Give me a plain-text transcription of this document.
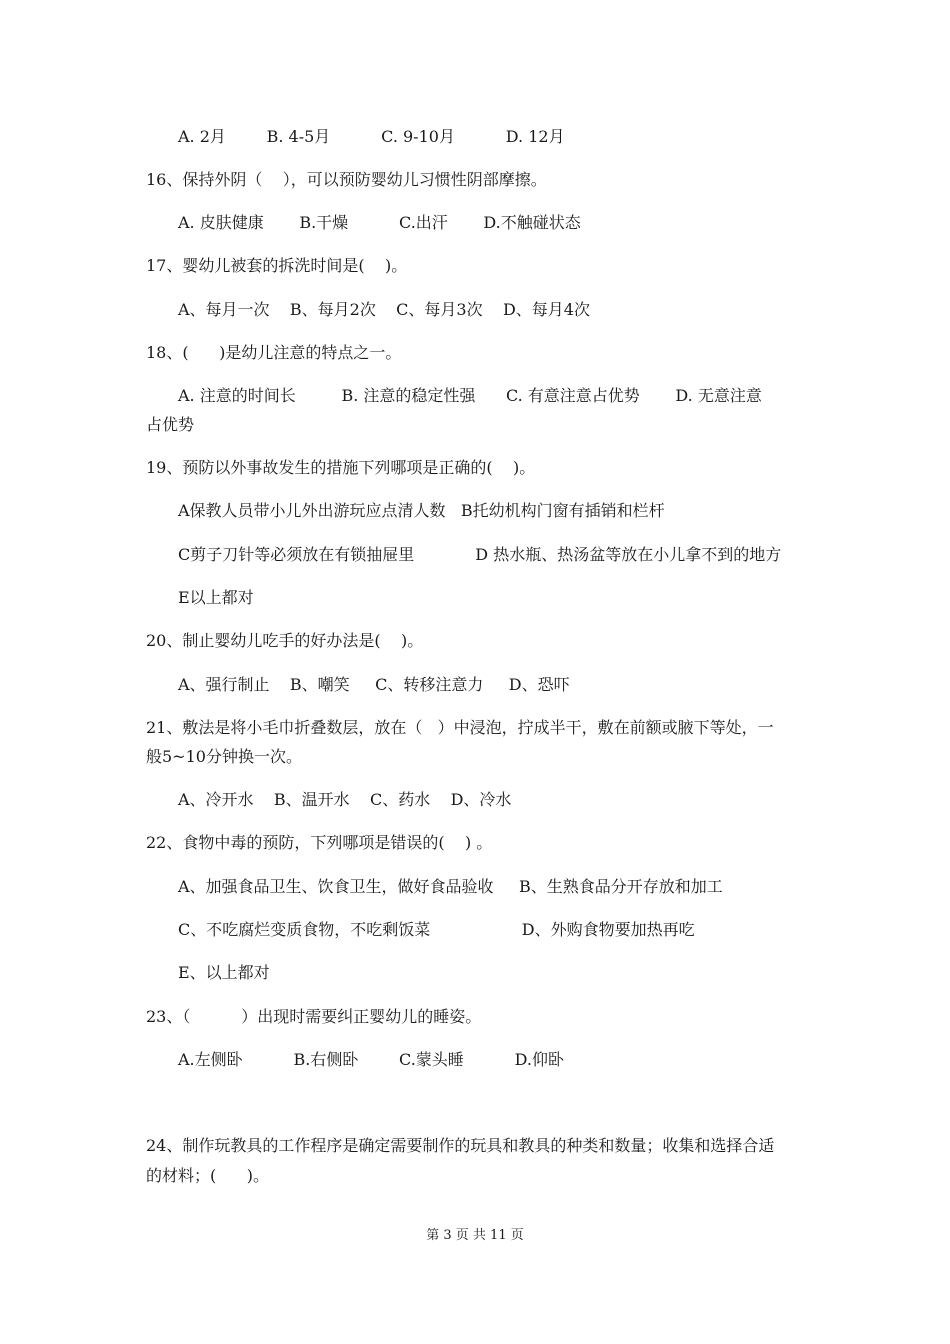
A. 2月        B. 4-5月          C. 9-10月          D. 12月
16、保持外阴（    ），可以预防婴幼儿习惯性阴部摩擦。
A. 皮肤健康       B.干燥          C.出汗       D.不触碰状态
17、婴幼儿被套的拆洗时间是(    )。
A、每月一次    B、每月2次    C、每月3次    D、每月4次
18、(      )是幼儿注意的特点之一。
A. 注意的时间长         B. 注意的稳定性强      C. 有意注意占优势       D. 无意注意
占优势
19、预防以外事故发生的措施下列哪项是正确的(    )。
A保教人员带小儿外出游玩应点清人数   B托幼机构门窗有插销和栏杆
C剪子刀针等必须放在有锁抽屉里            D 热水瓶、热汤盆等放在小儿拿不到的地方
E以上都对
20、制止婴幼儿吃手的好办法是(    )。
A、强行制止    B、嘲笑     C、转移注意力     D、恐吓
21、敷法是将小毛巾折叠数层，放在（   ）中浸泡，拧成半干，敷在前额或腋下等处，一
般5~10分钟换一次。
A、冷开水    B、温开水    C、药水    D、冷水
22、食物中毒的预防，下列哪项是错误的(    ) 。
A、加强食品卫生、饮食卫生，做好食品验收     B、生熟食品分开存放和加工
C、不吃腐烂变质食物，不吃剩饭菜                  D、外购食物要加热再吃
E、以上都对
23、（          ）出现时需要纠正婴幼儿的睡姿。
A.左侧卧          B.右侧卧        C.蒙头睡          D.仰卧
24、制作玩教具的工作程序是确定需要制作的玩具和教具的种类和数量；收集和选择合适
的材料；(      )。
第 3 页 共 11 页
